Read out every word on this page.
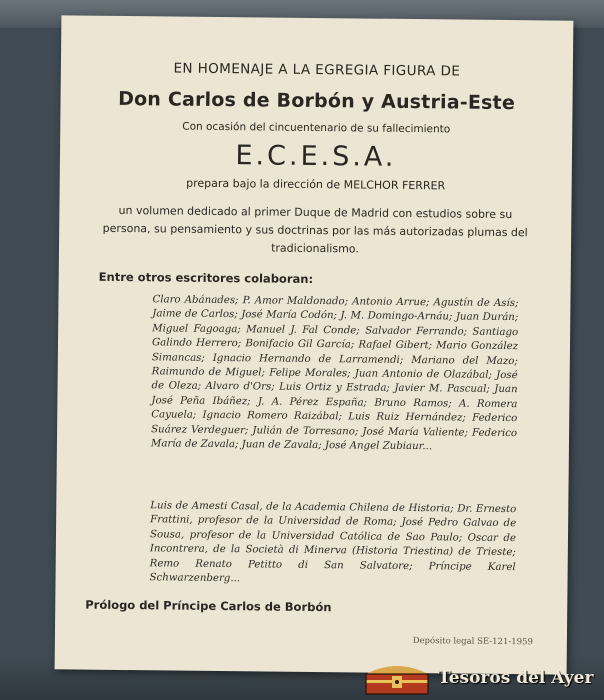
EN HOMENAJE A LA EGREGIA FIGURA DE
Don Carlos de Borbón y Austria-Este
Con ocasión del cincuentenario de su fallecimiento
E.C.E.S.A.
prepara bajo la dirección de MELCHOR FERRER
un volumen dedicado al primer Duque de Madrid con estudios sobre su persona, su pensamiento y sus doctrinas por las más autorizadas plumas del tradicionalismo.
Entre otros escritores colaboran:
Claro Abánades; P. Amor Maldonado; Antonio Arrue; Agustín de Asís; Jaime de Carlos; José María Codón; J. M. Domingo-Arnáu; Juan Durán; Miguel Fagoaga; Manuel J. Fal Conde; Salvador Ferrando; Santiago Galindo Herrero; Bonifacio Gil García; Rafael Gibert; Mario González Simancas; Ignacio Hernando de Larramendi; Mariano del Mazo; Raimundo de Miguel; Felipe Morales; Juan Antonio de Olazábal; José de Oleza; Alvaro d'Ors; Luis Ortiz y Estrada; Javier M. Pascual; Juan José Peña Ibáñez; J. A. Pérez España; Bruno Ramos; A. Romera Cayuela; Ignacio Romero Raizábal; Luis Ruiz Hernández; Federico Suárez Verdeguer; Julián de Torresano; José María Valiente; Federico María de Zavala; Juan de Zavala; José Angel Zubiaur...
Luis de Amesti Casal, de la Academia Chilena de Historia; Dr. Ernesto Frattini, profesor de la Universidad de Roma; José Pedro Galvao de Sousa, profesor de la Universidad Católica de Sao Paulo; Oscar de Incontrera, de la Società di Minerva (Historia Triestina) de Trieste; Remo Renato Petitto di San Salvatore; Príncipe Karel Schwarzenberg...
Prólogo del Príncipe Carlos de Borbón
Depósito legal SE-121-1959
Tesoros del Ayer
